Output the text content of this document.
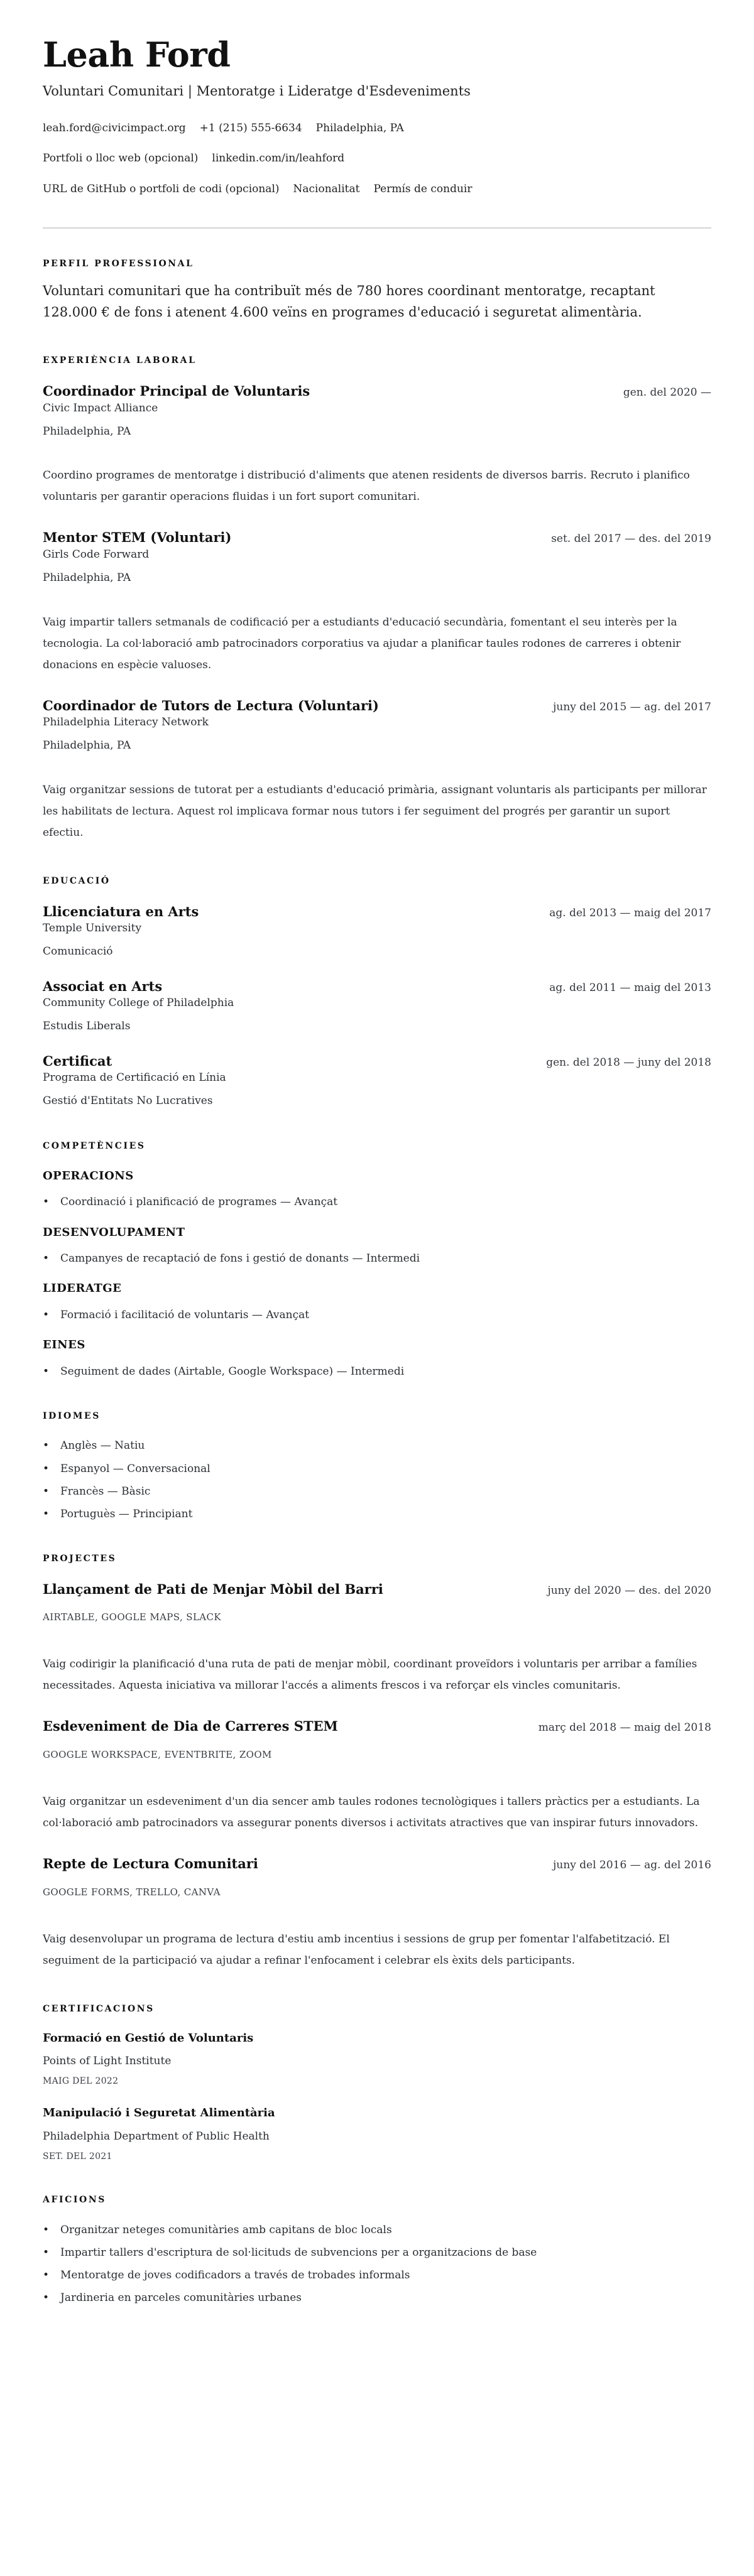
Leah Ford
Voluntari Comunitari | Mentoratge i Lideratge d'Esdeveniments
leah.ford@civicimpact.org +1 (215) 555-6634 Philadelphia, PA
Portfoli o lloc web (opcional) linkedin.com/in/leahford
URL de GitHub o portfoli de codi (opcional) Nacionalitat Permís de conduir
PERFIL PROFESSIONAL

Voluntari comunitari que ha contribuït més de 780 hores coordinant mentoratge, recaptant 128.000 € de fons i atenent 4.600 veïns en programes d'educació i seguretat alimentària.

EXPERIÈNCIA LABORAL
Coordinador Principal de Voluntaris	gen. del 2020 —
Civic Impact Alliance
Philadelphia, PA

Coordino programes de mentoratge i distribució d'aliments que atenen residents de diversos barris. Recruto i planifico voluntaris per garantir operacions fluidas i un fort suport comunitari.

Mentor STEM (Voluntari)	set. del 2017 — des. del 2019
Girls Code Forward
Philadelphia, PA

Vaig impartir tallers setmanals de codificació per a estudiants d'educació secundària, fomentant el seu interès per la tecnologia. La col·laboració amb patrocinadors corporatius va ajudar a planificar taules rodones de carreres i obtenir donacions en espècie valuoses.

Coordinador de Tutors de Lectura (Voluntari)	juny del 2015 — ag. del 2017
Philadelphia Literacy Network
Philadelphia, PA

Vaig organitzar sessions de tutorat per a estudiants d'educació primària, assignant voluntaris als participants per millorar les habilitats de lectura. Aquest rol implicava formar nous tutors i fer seguiment del progrés per garantir un suport efectiu.

EDUCACIÓ
Llicenciatura en Arts	ag. del 2013 — maig del 2017
Temple University
Comunicació
Associat en Arts	ag. del 2011 — maig del 2013
Community College of Philadelphia
Estudis Liberals
Certificat	gen. del 2018 — juny del 2018
Programa de Certificació en Línia
Gestió d'Entitats No Lucratives
COMPETÈNCIES
OPERACIONS
• Coordinació i planificació de programes — Avançat
DESENVOLUPAMENT
• Campanyes de recaptació de fons i gestió de donants — Intermedi
LIDERATGE
• Formació i facilitació de voluntaris — Avançat
EINES
• Seguiment de dades (Airtable, Google Workspace) — Intermedi
IDIOMES
• Anglès — Natiu
• Espanyol — Conversacional
• Francès — Bàsic
• Portuguès — Principiant
PROJECTES
Llançament de Pati de Menjar Mòbil del Barri	juny del 2020 — des. del 2020
AIRTABLE, GOOGLE MAPS, SLACK

Vaig codirigir la planificació d'una ruta de pati de menjar mòbil, coordinant proveïdors i voluntaris per arribar a famílies necessitades. Aquesta iniciativa va millorar l'accés a aliments frescos i va reforçar els vincles comunitaris.

Esdeveniment de Dia de Carreres STEM	març del 2018 — maig del 2018
GOOGLE WORKSPACE, EVENTBRITE, ZOOM

Vaig organitzar un esdeveniment d'un dia sencer amb taules rodones tecnològiques i tallers pràctics per a estudiants. La col·laboració amb patrocinadors va assegurar ponents diversos i activitats atractives que van inspirar futurs innovadors.

Repte de Lectura Comunitari	juny del 2016 — ag. del 2016
GOOGLE FORMS, TRELLO, CANVA

Vaig desenvolupar un programa de lectura d'estiu amb incentius i sessions de grup per fomentar l'alfabetització. El seguiment de la participació va ajudar a refinar l'enfocament i celebrar els èxits dels participants.

CERTIFICACIONS
Formació en Gestió de Voluntaris
Points of Light Institute
MAIG DEL 2022
Manipulació i Seguretat Alimentària
Philadelphia Department of Public Health
SET. DEL 2021
AFICIONS
• Organitzar neteges comunitàries amb capitans de bloc locals
• Impartir tallers d'escriptura de sol·licituds de subvencions per a organitzacions de base
• Mentoratge de joves codificadors a través de trobades informals
• Jardineria en parceles comunitàries urbanes
